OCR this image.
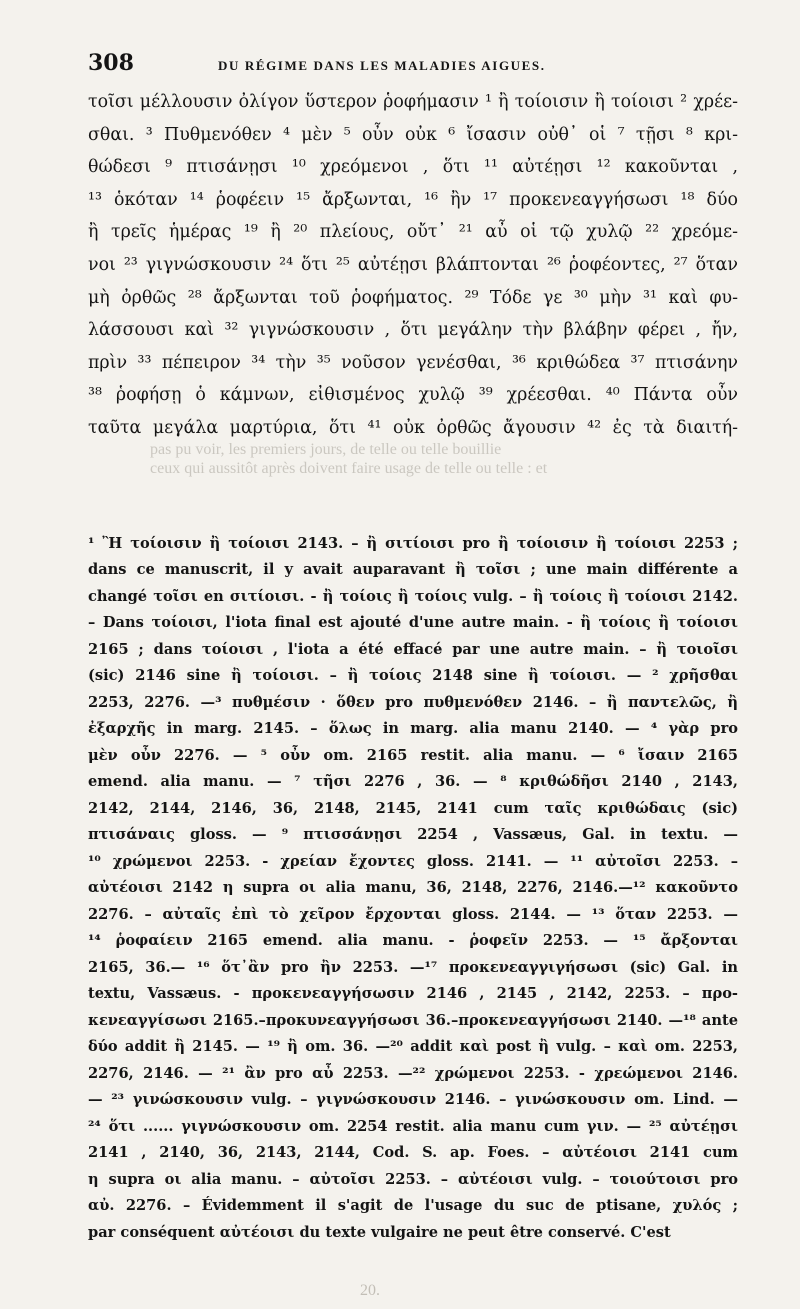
pas pu voir, les premiers jours, de telle ou telle bouillie
ceux qui aussitôt après doivent faire usage de telle ou telle : et
20.
308	DU RÉGIME DANS LES MALADIES AIGUES.
τοῖσι μέλλουσιν ὀλίγον ὕστερον ῥοφήμασιν ¹ ἢ τοίοισιν ἢ τοίοισι ² χρέε-
σθαι. ³ Πυθμενόθεν ⁴ μὲν ⁵ οὖν οὐκ ⁶ ἴσασιν οὐθ᾽ οἱ ⁷ τῇσι ⁸ κρι-
θώδεσι ⁹ πτισάνῃσι ¹⁰ χρεόμενοι , ὅτι ¹¹ αὐτέῃσι ¹² κακοῦνται ,
¹³ ὁκόταν ¹⁴ ῥοφέειν ¹⁵ ἄρξωνται, ¹⁶ ἢν ¹⁷ προκενεαγγήσωσι ¹⁸ δύο
ἢ τρεῖς ἡμέρας ¹⁹ ἢ ²⁰ πλείους, οὔτ᾽ ²¹ αὖ οἱ τῷ χυλῷ ²² χρεόμε-
νοι ²³ γιγνώσκουσιν ²⁴ ὅτι ²⁵ αὐτέῃσι βλάπτονται ²⁶ ῥοφέοντες, ²⁷ ὅταν
μὴ ὀρθῶς ²⁸ ἄρξωνται τοῦ ῥοφήματος. ²⁹ Τόδε γε ³⁰ μὴν ³¹ καὶ φυ-
λάσσουσι καὶ ³² γιγνώσκουσιν , ὅτι μεγάλην τὴν βλάβην φέρει , ἤν,
πρὶν ³³ πέπειρον ³⁴ τὴν ³⁵ νοῦσον γενέσθαι, ³⁶ κριθώδεα ³⁷ πτισάνην
³⁸ ῥοφήσῃ ὁ κάμνων, εἰθισμένος χυλῷ ³⁹ χρέεσθαι. ⁴⁰ Πάντα οὖν
ταῦτα μεγάλα μαρτύρια, ὅτι ⁴¹ οὐκ ὀρθῶς ἄγουσιν ⁴² ἐς τὰ διαιτή-
¹ Ἢ τοίοισιν ἢ τοίοισι 2143. – ἢ σιτίοισι pro ἢ τοίοισιν ἢ τοίοισι 2253 ;
dans ce manuscrit, il y avait auparavant ἢ τοῖσι ; une main différente a
changé τοῖσι en σιτίοισι. - ἢ τοίοις ἢ τοίοις vulg. – ἢ τοίοις ἢ τοίοισι 2142.
– Dans τοίοισι, l'iota final est ajouté d'une autre main. - ἢ τοίοις ἢ τοίοισι
2165 ; dans τοίοισι , l'iota a été effacé par une autre main. – ἢ τοιοῖσι
(sic) 2146 sine ἢ τοίοισι. – ἢ τοίοις 2148 sine ἢ τοίοισι. — ² χρῆσθαι
2253, 2276. —³ πυθμέσιν · ὅθεν pro πυθμενόθεν 2146. – ἢ παντελῶς, ἢ
ἐξαρχῆς in marg. 2145. – ὅλως in marg. alia manu 2140. — ⁴ γὰρ pro
μὲν οὖν 2276. — ⁵ οὖν om. 2165 restit. alia manu. — ⁶ ἴσαιν 2165
emend. alia manu. — ⁷ τῆσι 2276 , 36. — ⁸ κριθώδῆσι 2140 , 2143,
2142, 2144, 2146, 36, 2148, 2145, 2141 cum ταῖς κριθώδαις (sic)
πτισάναις gloss. — ⁹ πτισσάνῃσι 2254 , Vassæus, Gal. in textu. —
¹⁰ χρώμενοι 2253. - χρείαν ἔχοντες gloss. 2141. — ¹¹ αὐτοῖσι 2253. –
αὐτέοισι 2142 η supra οι alia manu, 36, 2148, 2276, 2146.—¹² κακοῦντο
2276. – αὐταῖς ἐπὶ τὸ χεῖρον ἔρχονται gloss. 2144. — ¹³ ὅταν 2253. —
¹⁴ ῥοφαίειν 2165 emend. alia manu. - ῥοφεῖν 2253. — ¹⁵ ἄρξονται
2165, 36.— ¹⁶ ὅτ᾽ἂν pro ἢν 2253. —¹⁷ προκενεαγγιγήσωσι (sic) Gal. in
textu, Vassæus. - προκενεαγγήσωσιν 2146 , 2145 , 2142, 2253. – προ-
κενεαγγίσωσι 2165.–προκυνεαγγήσωσι 36.–προκενεαγγήσωσι 2140. —¹⁸ ante
δύο addit ἢ 2145. — ¹⁹ ἢ om. 36. —²⁰ addit καὶ post ἢ vulg. – καὶ om. 2253,
2276, 2146. — ²¹ ἂν pro αὖ 2253. —²² χρώμενοι 2253. - χρεώμενοι 2146.
— ²³ γινώσκουσιν vulg. – γιγνώσκουσιν 2146. – γινώσκουσιν om. Lind. —
²⁴ ὅτι ...... γιγνώσκουσιν om. 2254 restit. alia manu cum γιν. — ²⁵ αὐτέῃσι
2141 , 2140, 36, 2143, 2144, Cod. S. ap. Foes. – αὐτέοισι 2141 cum
η supra οι alia manu. – αὐτοῖσι 2253. – αὐτέοισι vulg. – τοιούτοισι pro
αὐ. 2276. – Évidemment il s'agit de l'usage du suc de ptisane, χυλός ;
par conséquent αὐτέοισι du texte vulgaire ne peut être conservé. C'est
